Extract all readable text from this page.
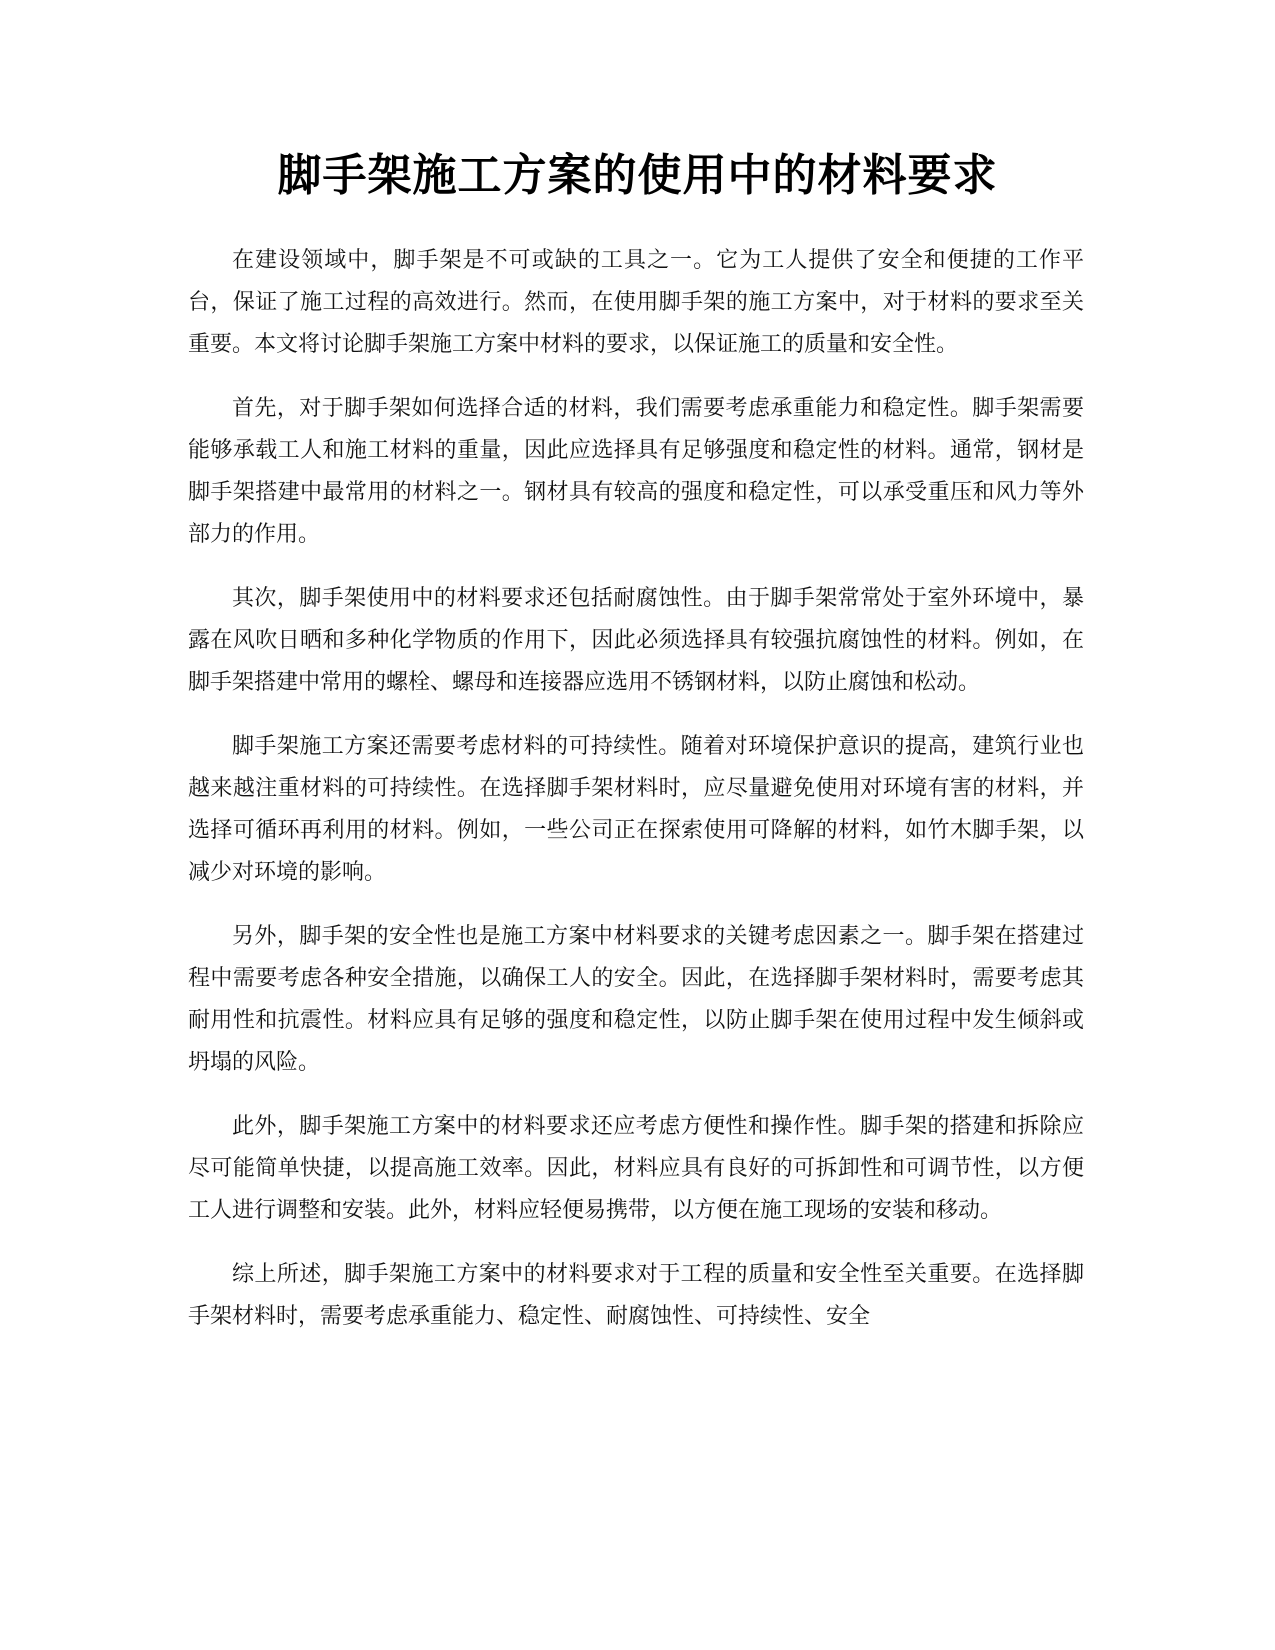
脚手架施工方案的使用中的材料要求

在建设领域中，脚手架是不可或缺的工具之一。它为工人提供了安全和便捷的工作平台，保证了施工过程的高效进行。然而，在使用脚手架的施工方案中，对于材料的要求至关重要。本文将讨论脚手架施工方案中材料的要求，以保证施工的质量和安全性。

首先，对于脚手架如何选择合适的材料，我们需要考虑承重能力和稳定性。脚手架需要能够承载工人和施工材料的重量，因此应选择具有足够强度和稳定性的材料。通常，钢材是脚手架搭建中最常用的材料之一。钢材具有较高的强度和稳定性，可以承受重压和风力等外部力的作用。

其次，脚手架使用中的材料要求还包括耐腐蚀性。由于脚手架常常处于室外环境中，暴露在风吹日晒和多种化学物质的作用下，因此必须选择具有较强抗腐蚀性的材料。例如，在脚手架搭建中常用的螺栓、螺母和连接器应选用不锈钢材料，以防止腐蚀和松动。

脚手架施工方案还需要考虑材料的可持续性。随着对环境保护意识的提高，建筑行业也越来越注重材料的可持续性。在选择脚手架材料时，应尽量避免使用对环境有害的材料，并选择可循环再利用的材料。例如，一些公司正在探索使用可降解的材料，如竹木脚手架，以减少对环境的影响。

另外，脚手架的安全性也是施工方案中材料要求的关键考虑因素之一。脚手架在搭建过程中需要考虑各种安全措施，以确保工人的安全。因此，在选择脚手架材料时，需要考虑其耐用性和抗震性。材料应具有足够的强度和稳定性，以防止脚手架在使用过程中发生倾斜或坍塌的风险。

此外，脚手架施工方案中的材料要求还应考虑方便性和操作性。脚手架的搭建和拆除应尽可能简单快捷，以提高施工效率。因此，材料应具有良好的可拆卸性和可调节性，以方便工人进行调整和安装。此外，材料应轻便易携带，以方便在施工现场的安装和移动。

综上所述，脚手架施工方案中的材料要求对于工程的质量和安全性至关重要。在选择脚手架材料时，需要考虑承重能力、稳定性、耐腐蚀性、可持续性、安全
